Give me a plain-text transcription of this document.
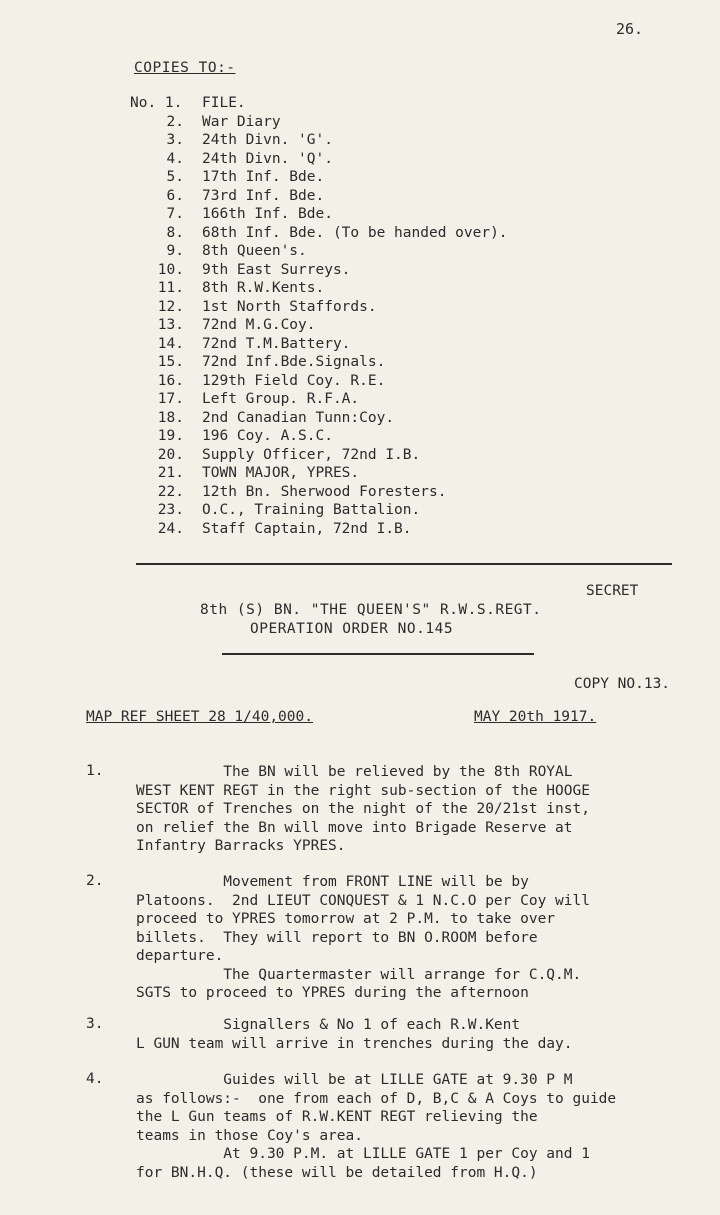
26.
COPIES TO:-
No. 1. FILE.
2. War Diary
3. 24th Divn. 'G'.
4. 24th Divn. 'Q'.
5. 17th Inf. Bde.
6. 73rd Inf. Bde.
7. 166th Inf. Bde.
8. 68th Inf. Bde. (To be handed over).
9. 8th Queen's.
10. 9th East Surreys.
11. 8th R.W.Kents.
12. 1st North Staffords.
13. 72nd M.G.Coy.
14. 72nd T.M.Battery.
15. 72nd Inf.Bde.Signals.
16. 129th Field Coy. R.E.
17. Left Group. R.F.A.
18. 2nd Canadian Tunn:Coy.
19. 196 Coy. A.S.C.
20. Supply Officer, 72nd I.B.
21. TOWN MAJOR, YPRES.
22. 12th Bn. Sherwood Foresters.
23. O.C., Training Battalion.
24. Staff Captain, 72nd I.B.
SECRET
8th (S) BN. "THE QUEEN'S" R.W.S.REGT.
OPERATION ORDER NO.145
COPY NO.13.
MAP REF SHEET 28 1/40,000.	MAY 20th 1917.
1. The BN will be relieved by the 8th ROYAL
WEST KENT REGT in the right sub-section of the HOOGE
SECTOR of Trenches on the night of the 20/21st inst,
on relief the Bn will move into Brigade Reserve at
Infantry Barracks YPRES.
2. Movement from FRONT LINE will be by
Platoons.  2nd LIEUT CONQUEST & 1 N.C.O per Coy will
proceed to YPRES tomorrow at 2 P.M. to take over
billets.  They will report to BN O.ROOM before
departure.
The Quartermaster will arrange for C.Q.M.
SGTS to proceed to YPRES during the afternoon
3. Signallers & No 1 of each R.W.Kent
L GUN team will arrive in trenches during the day.
4. Guides will be at LILLE GATE at 9.30 P M
as follows:-  one from each of D, B,C & A Coys to guide
the L Gun teams of R.W.KENT REGT relieving the
teams in those Coy's area.
At 9.30 P.M. at LILLE GATE 1 per Coy and 1
for BN.H.Q. (these will be detailed from H.Q.)
